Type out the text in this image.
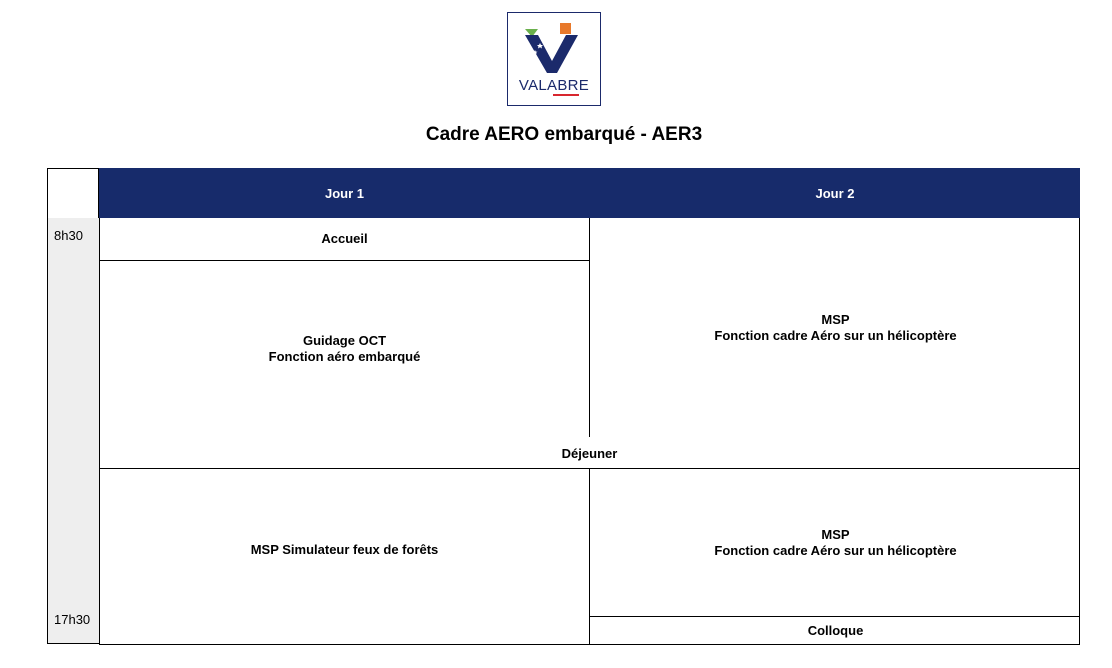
VALABRE
Cadre AERO embarqué - AER3
8h30
17h30
Jour 1	Jour 2
Accueil
Guidage OCT
Fonction aéro embarqué
MSP Simulateur feux de forêts
Déjeuner
MSP
Fonction cadre Aéro sur un hélicoptère
MSP
Fonction cadre Aéro sur un hélicoptère
Colloque
